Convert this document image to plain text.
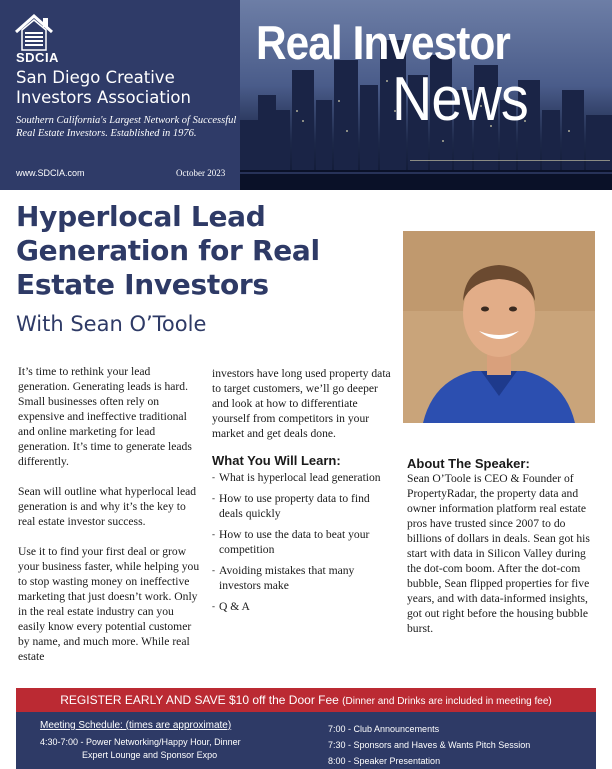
SDCIA
San Diego Creative Investors Association
Southern California's Largest Network of Successful Real Estate Investors. Established in 1976.
www.SDCIA.com	October 2023
Real Investor
News
Hyperlocal Lead Generation for Real Estate Investors
With Sean O’Toole

It’s time to rethink your lead generation. Generating leads is hard. Small businesses often rely on expensive and ineffective traditional and online marketing for lead generation. It’s time to generate leads differently.

Sean will outline what hyperlocal lead generation is and why it’s the key to real estate investor success.

Use it to find your first deal or grow your business faster, while helping you to stop wasting money on ineffective marketing that just doesn’t work. Only in the real estate industry can you easily know every potential customer by name, and much more. While real estate

investors have long used property data to target customers, we’ll go deeper and look at how to differentiate yourself from competitors in your market and get deals done.

What You Will Learn:
- What is hyperlocal lead generation
- How to use property data to find deals quickly
- How to use the data to beat your competition
- Avoiding mistakes that many investors make
- Q & A
About The Speaker:

Sean O’Toole is CEO & Founder of PropertyRadar, the property data and owner information platform real estate pros have trusted since 2007 to do billions of dollars in deals. Sean got his start with data in Silicon Valley during the dot-com boom. After the dot-com bubble, Sean flipped properties for five years, and with data-informed insights, got out right before the housing bubble burst.

REGISTER EARLY AND SAVE $10 off the Door Fee (Dinner and Drinks are included in meeting fee)
Meeting Schedule: (times are approximate)
4:30-7:00 - Power Networking/Happy Hour, Dinner
Expert Lounge and Sponsor Expo
7:00 - Club Announcements
7:30 - Sponsors and Haves & Wants Pitch Session
8:00 - Speaker Presentation
